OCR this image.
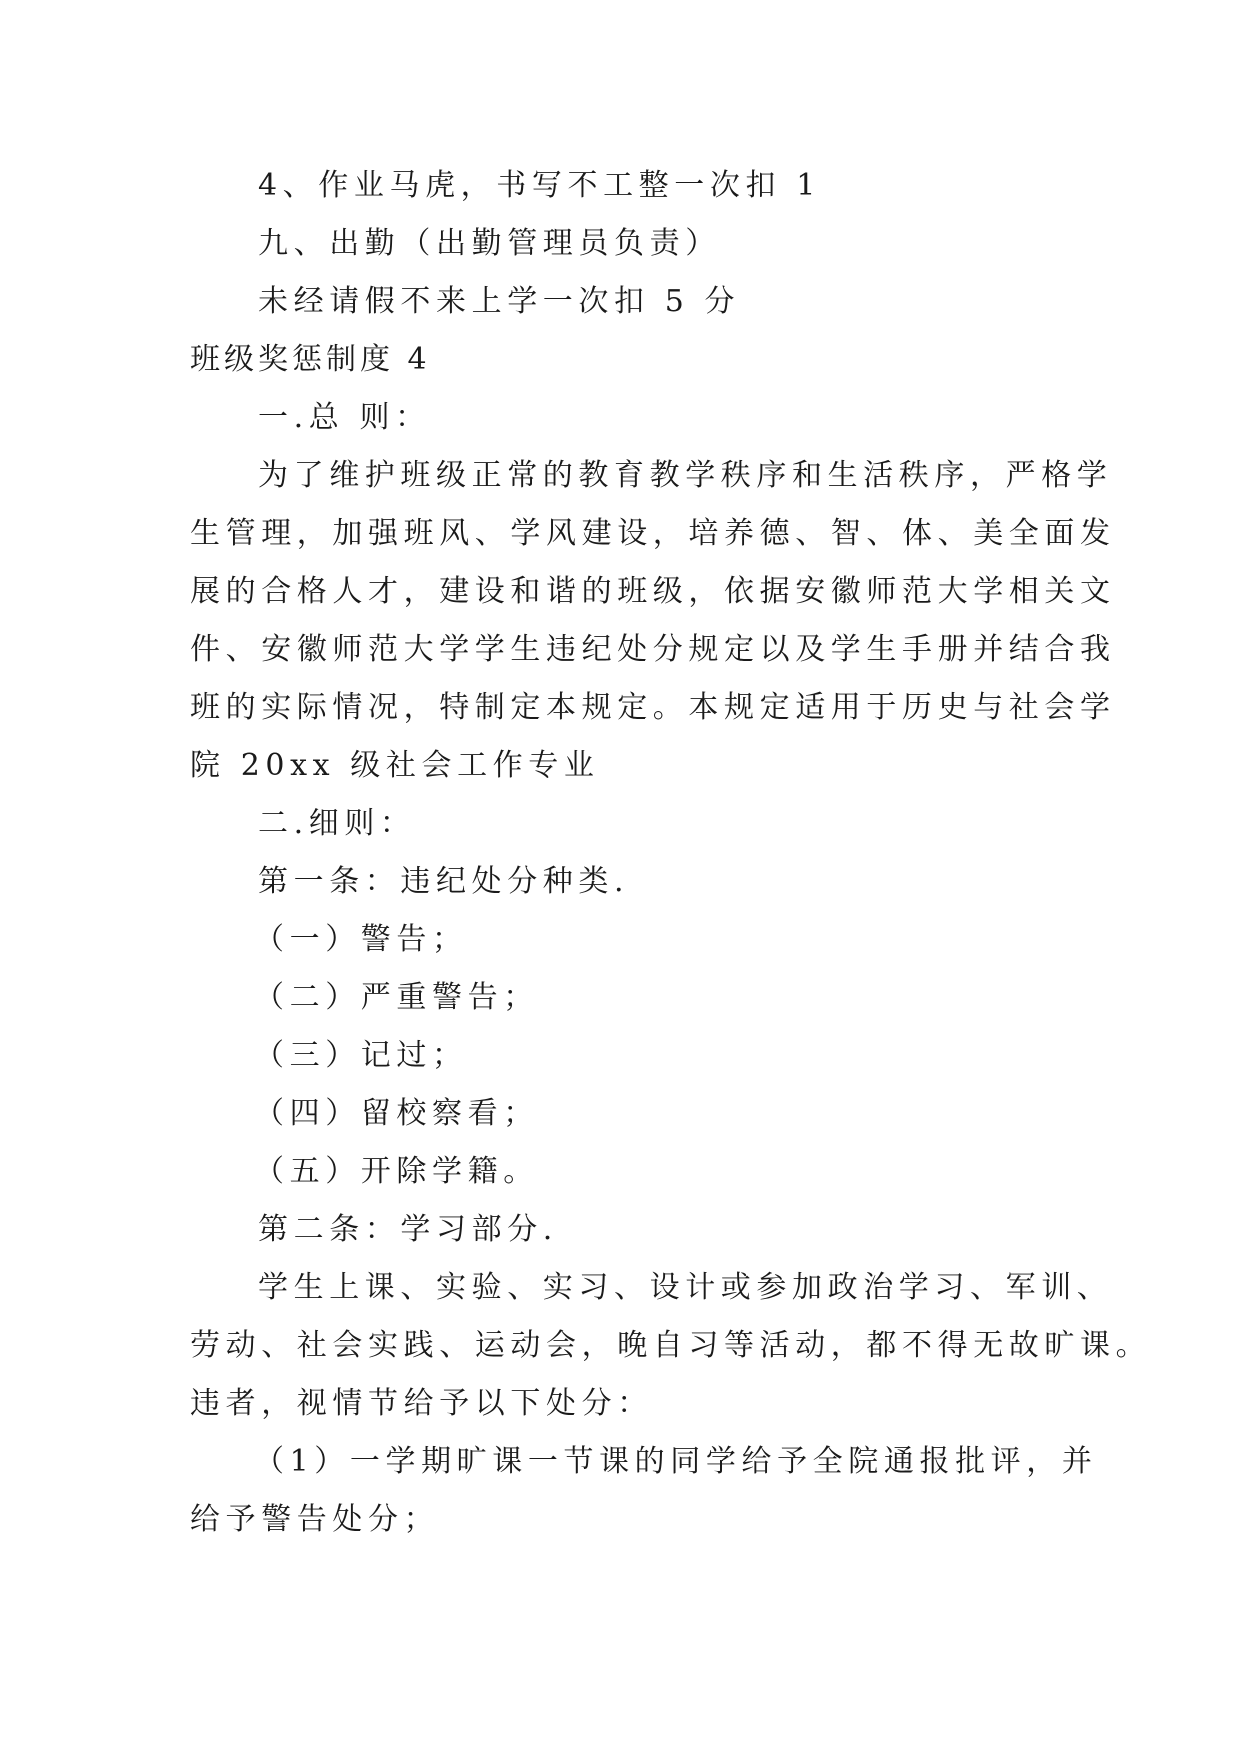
4、作业马虎，书写不工整一次扣 1
九、出勤（出勤管理员负责）
未经请假不来上学一次扣 5 分
班级奖惩制度 4
一.总 则：
为了维护班级正常的教育教学秩序和生活秩序，严格学
生管理，加强班风、学风建设，培养德、智、体、美全面发
展的合格人才，建设和谐的班级，依据安徽师范大学相关文
件、安徽师范大学学生违纪处分规定以及学生手册并结合我
班的实际情况，特制定本规定。本规定适用于历史与社会学
院 20xx 级社会工作专业
二.细则：
第一条：违纪处分种类.
（一）警告；
（二）严重警告；
（三）记过；
（四）留校察看；
（五）开除学籍。
第二条：学习部分.
学生上课、实验、实习、设计或参加政治学习、军训、
劳动、社会实践、运动会，晚自习等活动，都不得无故旷课。
违者，视情节给予以下处分：
（1）一学期旷课一节课的同学给予全院通报批评，并
给予警告处分；
